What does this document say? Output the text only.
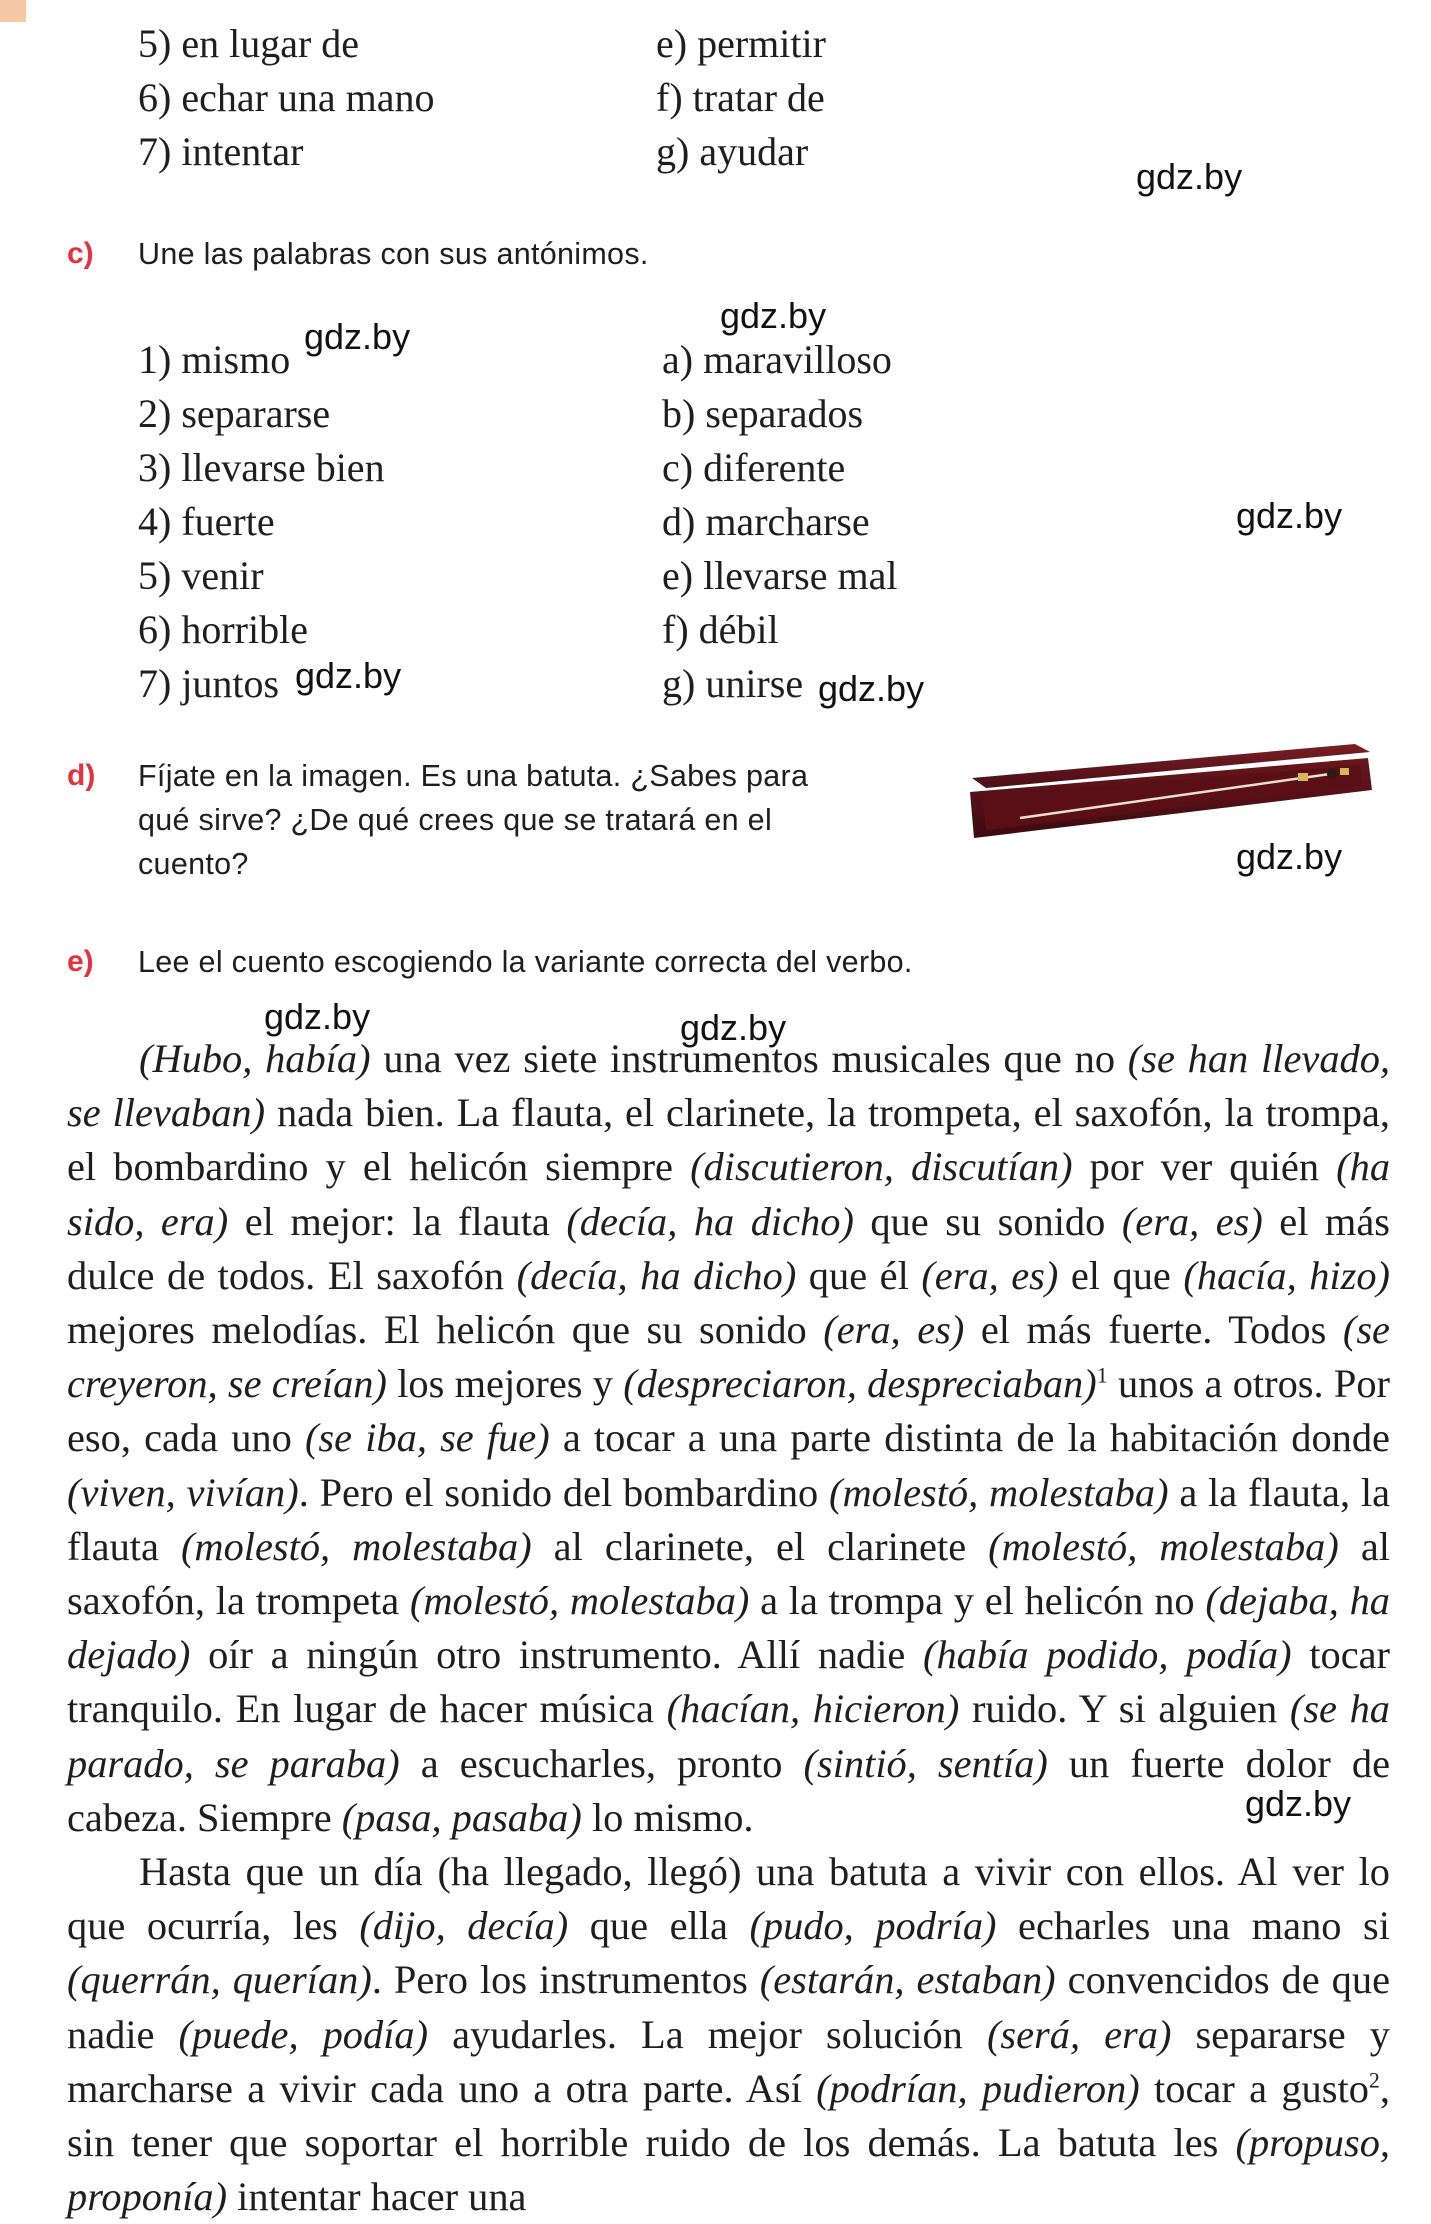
5) en lugar de
6) echar una mano
7) intentar
e) permitir
f) tratar de
g) ayudar
c) Une las palabras con sus antónimos.
1) mismo
2) separarse
3) llevarse bien
4) fuerte
5) venir
6) horrible
7) juntos
a) maravilloso
b) separados
c) diferente
d) marcharse
e) llevarse mal
f) débil
g) unirse
d) Fíjate en la imagen. Es una batuta. ¿Sabes para
qué sirve? ¿De qué crees que se tratará en el
cuento?
e) Lee el cuento escogiendo la variante correcta del verbo.

(Hubo, había) una vez siete instrumentos musicales que no (se han llevado, se llevaban) nada bien. La flauta, el clarinete, la trompeta, el saxofón, la trompa, el bombardino y el helicón siempre (discutieron, discutían) por ver quién (ha sido, era) el mejor: la flauta (decía, ha dicho) que su sonido (era, es) el más dulce de todos. El saxofón (decía, ha dicho) que él (era, es) el que (hacía, hizo) mejores melodías. El helicón que su sonido (era, es) el más fuerte. Todos (se creyeron, se creían) los mejores y (despreciaron, despreciaban)$^1$ unos a otros. Por eso, cada uno (se iba, se fue) a tocar a una parte distinta de la habitación donde (viven, vivían). Pero el sonido del bombardino (molestó, molestaba) a la flauta, la flauta (molestó, molestaba) al clarinete, el clarinete (molestó, molestaba) al saxofón, la trompeta (molestó, molestaba) a la trompa y el helicón no (dejaba, ha dejado) oír a ningún otro instrumento. Allí nadie (había podido, podía) tocar tranquilo. En lugar de hacer música (hacían, hicieron) ruido. Y si alguien (se ha parado, se paraba) a escucharles, pronto (sintió, sentía) un fuerte dolor de cabeza. Siempre (pasa, pasaba) lo mismo.

Hasta que un día (ha llegado, llegó) una batuta a vivir con ellos. Al ver lo que ocurría, les (dijo, decía) que ella (pudo, podría) echarles una mano si (querrán, querían). Pero los instrumentos (estarán, estaban) convencidos de que nadie (puede, podía) ayudarles. La mejor solución (será, era) separarse y marcharse a vivir cada uno a otra parte. Así (podrían, pudieron) tocar a gusto$^2$, sin tener que soportar el horrible ruido de los demás. La batuta les (propuso, proponía) intentar hacer una

gdz.by
gdz.by
gdz.by
gdz.by
gdz.by	gdz.by
gdz.by
gdz.by	gdz.by
gdz.by
